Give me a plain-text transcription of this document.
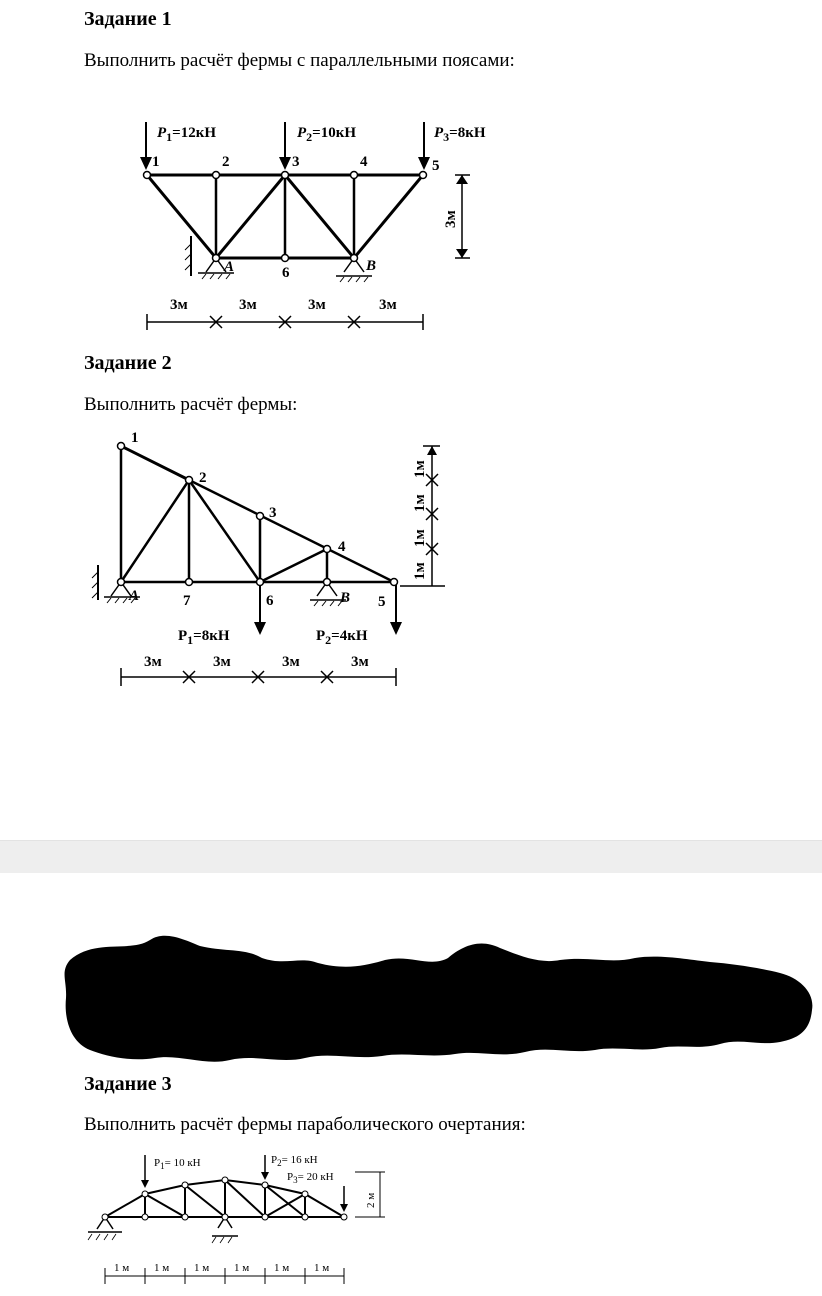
Задание 1
Выполнить расчёт фермы с параллельными поясами:
$P_1=12кН$	$P_2=10кН$	$P_3=8кН$
1	2	3	4	5
6
A	B
3м
3м	3м	3м	3м
Задание 2
Выполнить расчёт фермы:
1
2
3
4
5
6
7
A	B
$P_1=8кН$	$P_2=4кН$
1м
1м
1м
1м
3м	3м	3м	3м
Задание 3
Выполнить расчёт фермы параболического очертания:
$P_1= 10$ кН	$P_2= 16$ кН
$P_3= 20$ кН
2 м
1 м 1 м 1 м 1 м 1 м 1 м
